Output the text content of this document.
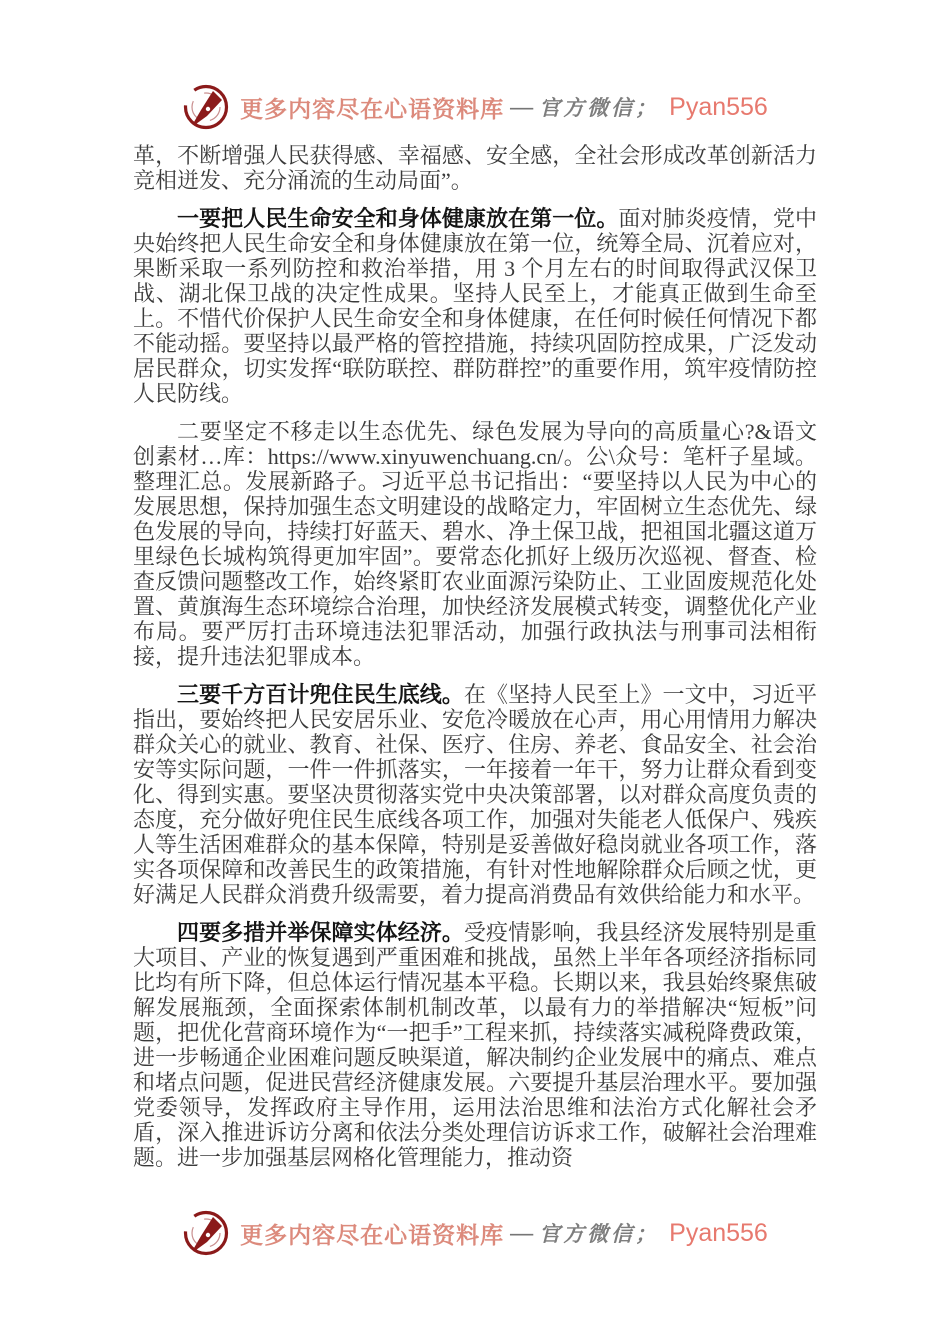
更多内容尽在心语资料库 — 官方微信； Pyan556

革，不断增强人民获得感、幸福感、安全感，全社会形成改革创新活力竞相迸发、充分涌流的生动局面”。

一要把人民生命安全和身体健康放在第一位。面对肺炎疫情，党中央始终把人民生命安全和身体健康放在第一位，统筹全局、沉着应对，果断采取一系列防控和救治举措，用 3 个月左右的时间取得武汉保卫战、湖北保卫战的决定性成果。坚持人民至上，才能真正做到生命至上。不惜代价保护人民生命安全和身体健康，在任何时候任何情况下都不能动摇。要坚持以最严格的管控措施，持续巩固防控成果，广泛发动居民群众，切实发挥“联防联控、群防群控”的重要作用，筑牢疫情防控人民防线。

二要坚定不移走以生态优先、绿色发展为导向的高质量心?&语文创素材…库：https://www.xinyuwenchuang.cn/。公\众号：笔杆子星域。整理汇总。发展新路子。习近平总书记指出：“要坚持以人民为中心的发展思想，保持加强生态文明建设的战略定力，牢固树立生态优先、绿色发展的导向，持续打好蓝天、碧水、净土保卫战，把祖国北疆这道万里绿色长城构筑得更加牢固”。要常态化抓好上级历次巡视、督查、检查反馈问题整改工作，始终紧盯农业面源污染防止、工业固废规范化处置、黄旗海生态环境综合治理，加快经济发展模式转变，调整优化产业布局。要严厉打击环境违法犯罪活动，加强行政执法与刑事司法相衔接，提升违法犯罪成本。

三要千方百计兜住民生底线。在《坚持人民至上》一文中，习近平指出，要始终把人民安居乐业、安危冷暖放在心声，用心用情用力解决群众关心的就业、教育、社保、医疗、住房、养老、食品安全、社会治安等实际问题，一件一件抓落实，一年接着一年干，努力让群众看到变化、得到实惠。要坚决贯彻落实党中央决策部署，以对群众高度负责的态度，充分做好兜住民生底线各项工作，加强对失能老人低保户、残疾人等生活困难群众的基本保障，特别是妥善做好稳岗就业各项工作，落实各项保障和改善民生的政策措施，有针对性地解除群众后顾之忧，更好满足人民群众消费升级需要，着力提高消费品有效供给能力和水平。

四要多措并举保障实体经济。受疫情影响，我县经济发展特别是重大项目、产业的恢复遇到严重困难和挑战，虽然上半年各项经济指标同比均有所下降，但总体运行情况基本平稳。长期以来，我县始终聚焦破解发展瓶颈，全面探索体制机制改革，以最有力的举措解决“短板”问题，把优化营商环境作为“一把手”工程来抓，持续落实减税降费政策，进一步畅通企业困难问题反映渠道，解决制约企业发展中的痛点、难点和堵点问题，促进民营经济健康发展。六要提升基层治理水平。要加强党委领导，发挥政府主导作用，运用法治思维和法治方式化解社会矛盾，深入推进诉访分离和依法分类处理信访诉求工作，破解社会治理难题。进一步加强基层网格化管理能力，推动资

更多内容尽在心语资料库 — 官方微信； Pyan556
